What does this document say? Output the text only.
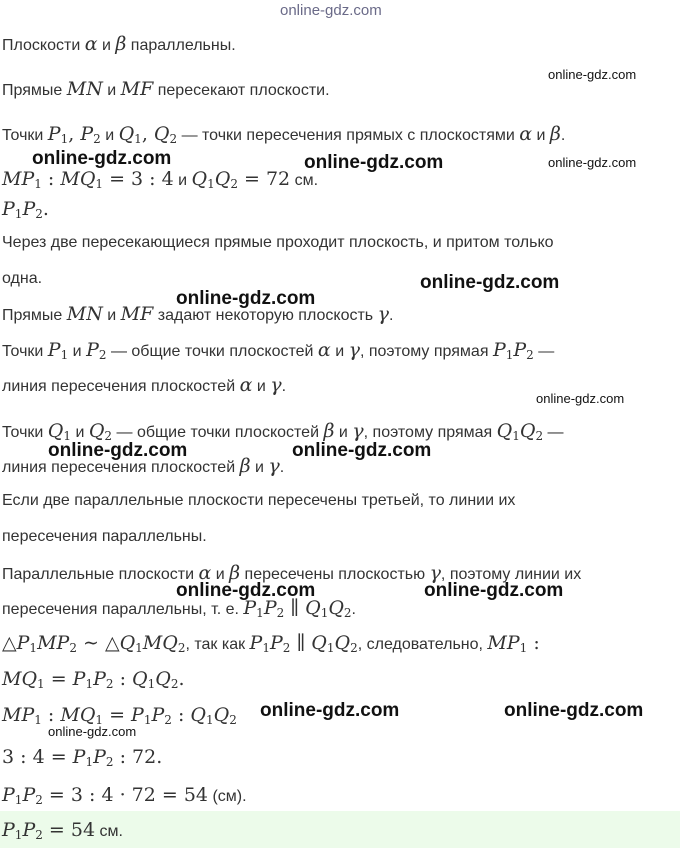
online-gdz.com
online-gdz.com
online-gdz.com	online-gdz.com	online-gdz.com
online-gdz.com
online-gdz.com
online-gdz.com
online-gdz.com	online-gdz.com
online-gdz.com	online-gdz.com
online-gdz.com	online-gdz.com
online-gdz.com
Плоскости α и β параллельны.
Прямые MN и MF пересекают плоскости.
Точки $P_1$, $P_2$ и $Q_1$, $Q_2$ — точки пересечения прямых с плоскостями α и β.
$MP_1$ : $MQ_1 = 3$ : 4 и $Q_1Q_2 = 72$ см.
$P_1P_2$.
Через две пересекающиеся прямые проходит плоскость, и притом только
одна.
Прямые MN и MF задают некоторую плоскость γ.
Точки $P_1$ и $P_2$ — общие точки плоскостей α и γ, поэтому прямая $P_1P_2$ —
линия пересечения плоскостей α и γ.
Точки $Q_1$ и $Q_2$ — общие точки плоскостей β и γ, поэтому прямая $Q_1Q_2$ —
линия пересечения плоскостей β и γ.
Если две параллельные плоскости пересечены третьей, то линии их
пересечения параллельны.
Параллельные плоскости α и β пересечены плоскостью γ, поэтому линии их
пересечения параллельны, т. е. $P_1P_2$ ∥ $Q_1Q_2$.
$\triangle P_1MP_2$ ∼ $\triangle Q_1MQ_2$, так как $P_1P_2$ ∥ $Q_1Q_2$, следовательно, $MP_1$ :
$MQ_1 = P_1P_2$ : $Q_1Q_2$.
$MP_1$ : $MQ_1 = P_1P_2$ : $Q_1Q_2$
3 : $4 = P_1P_2$ : 72.
$P_1P_2 = 3$ : 4 · 72 = 54 (см).
$P_1P_2 = 54$ см.
